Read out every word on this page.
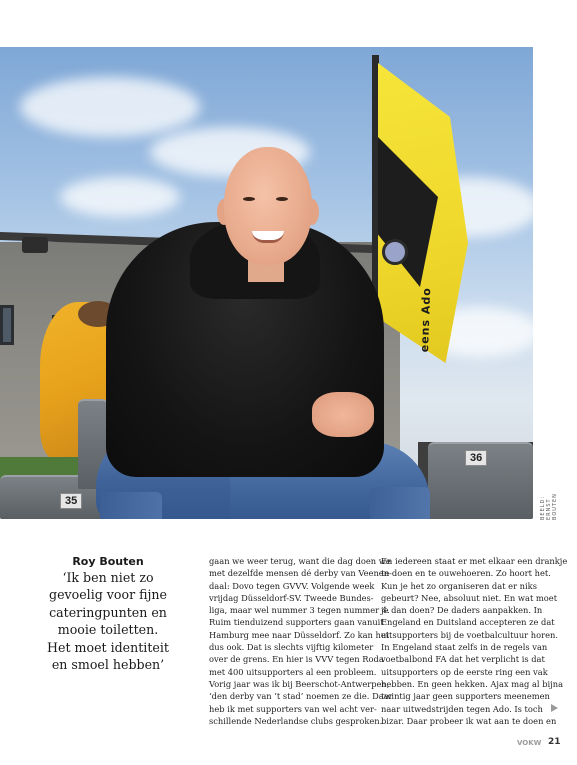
eens Ado
35
36
BEELD: ERNST BOUTEN
Roy Bouten
‘Ik ben niet zo
gevoelig voor fijne
cateringpunten en
mooie toiletten.
Het moet identiteit
en smoel hebben’
gaan we weer terug, want die dag doen we
met dezelfde mensen dé derby van Veenen-
daal: Dovo tegen GVVV. Volgende week
vrijdag Düsseldorf-SV. Tweede Bundes-
liga, maar wel nummer 3 tegen nummer 4.
Ruim tienduizend supporters gaan vanuit
Hamburg mee naar Düsseldorf. Zo kan het
dus ook. Dat is slechts vijftig kilometer
over de grens. En hier is VVV tegen Roda
met 400 uitsupporters al een probleem.
Vorig jaar was ik bij Beerschot-Antwerpen,
‘den derby van ’t stad’ noemen ze die. Daar
heb ik met supporters van wel acht ver-
schillende Nederlandse clubs gesproken.
En iedereen staat er met elkaar een drankje
te doen en te ouwehoeren. Zo hoort het.
Kun je het zo organiseren dat er niks
gebeurt? Nee, absoluut niet. En wat moet
je dan doen? De daders aanpakken. In
Engeland en Duitsland accepteren ze dat
uitsupporters bij de voetbalcultuur horen.
In Engeland staat zelfs in de regels van
voetbalbond FA dat het verplicht is dat
uitsupporters op de eerste ring een vak
hebben. En geen hekken. Ajax mag al bijna
twintig jaar geen supporters meenemen
naar uitwedstrijden tegen Ado. Is toch
bizar. Daar probeer ik wat aan te doen en
VOKW 21
